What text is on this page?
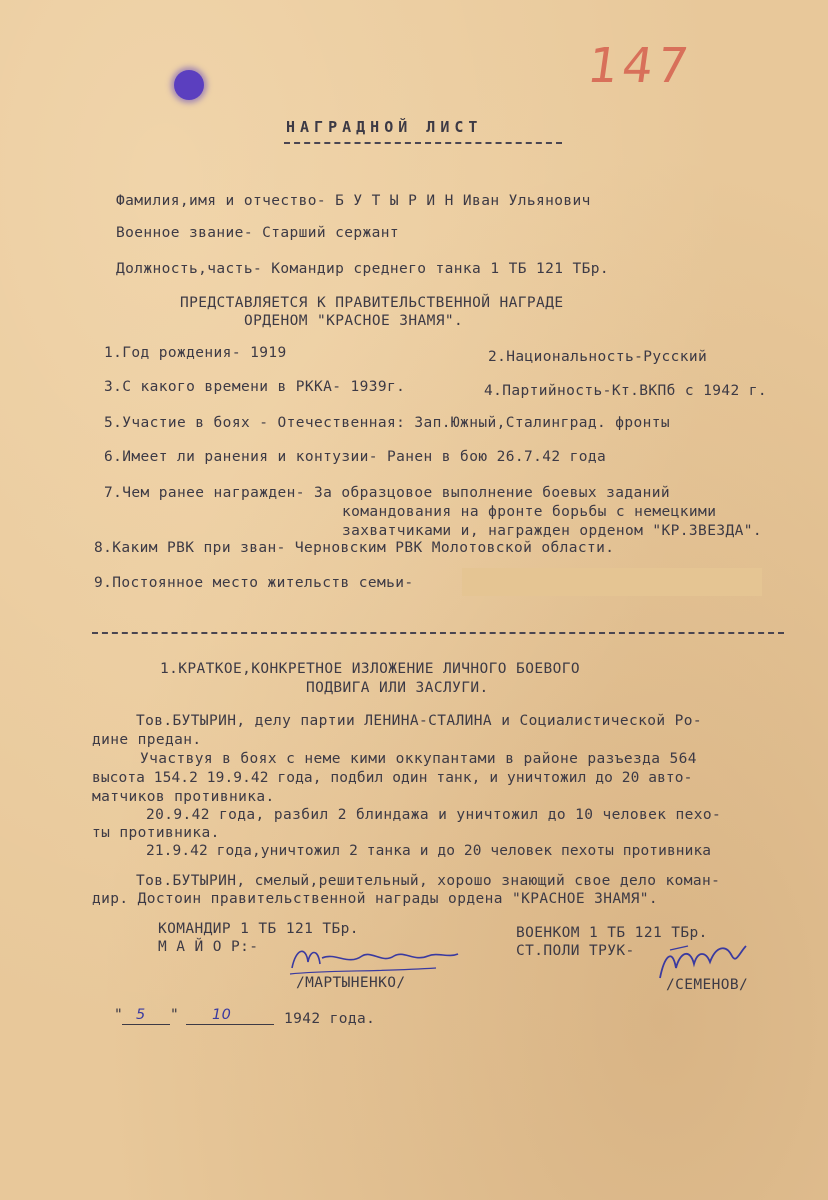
147
НАГРАДНОЙ ЛИСТ
Фамилия,имя и отчество- Б У Т Ы Р И Н Иван Ульянович
Военное звание- Старший сержант
Должность,часть- Командир среднего танка 1 ТБ 121 ТБр.
ПРЕДСТАВЛЯЕТСЯ К ПРАВИТЕЛЬСТВЕННОЙ НАГРАДЕ
ОРДЕНОМ "КРАСНОЕ ЗНАМЯ".
1.Год рождения- 1919	2.Национальность-Русский
3.С какого времени в РККА- 1939г.	4.Партийность-Кт.ВКПб с 1942 г.
5.Участие в боях - Отечественная: Зап.Южный,Сталинград. фронты
6.Имеет ли ранения и контузии- Ранен в бою 26.7.42 года
7.Чем ранее награжден- За образцовое выполнение боевых заданий
командования на фронте борьбы с немецкими
захватчиками и, награжден орденом "КР.ЗВЕЗДА".
8.Каким РВК при зван- Черновским РВК Молотовской области.
9.Постоянное место жительств семьи-
1.КРАТКОЕ,КОНКРЕТНОЕ ИЗЛОЖЕНИЕ ЛИЧНОГО БОЕВОГО
ПОДВИГА ИЛИ ЗАСЛУГИ.
Тов.БУТЫРИН, делу партии ЛЕНИНА-СТАЛИНА и Социалистической Ро-
дине предан.
Участвуя в боях с неме кими оккупантами в районе разъезда 564
высота 154.2 19.9.42 года, подбил один танк, и уничтожил до 20 авто-
матчиков противника.
20.9.42 года, разбил 2 блиндажа и уничтожил до 10 человек пехо-
ты противника.
21.9.42 года,уничтожил 2 танка и до 20 человек пехоты противника
Тов.БУТЫРИН, смелый,решительный, хорошо знающий свое дело коман-
дир. Достоин правительственной награды ордена "КРАСНОЕ ЗНАМЯ".
КОМАНДИР 1 ТБ 121 ТБр.
М А Й О Р:-
/МАРТЫНЕНКО/
ВОЕНКОМ 1 ТБ 121 ТБр.
СТ.ПОЛИ ТРУК-
/СЕМЕНОВ/
" 5 " 10	1942 года.
